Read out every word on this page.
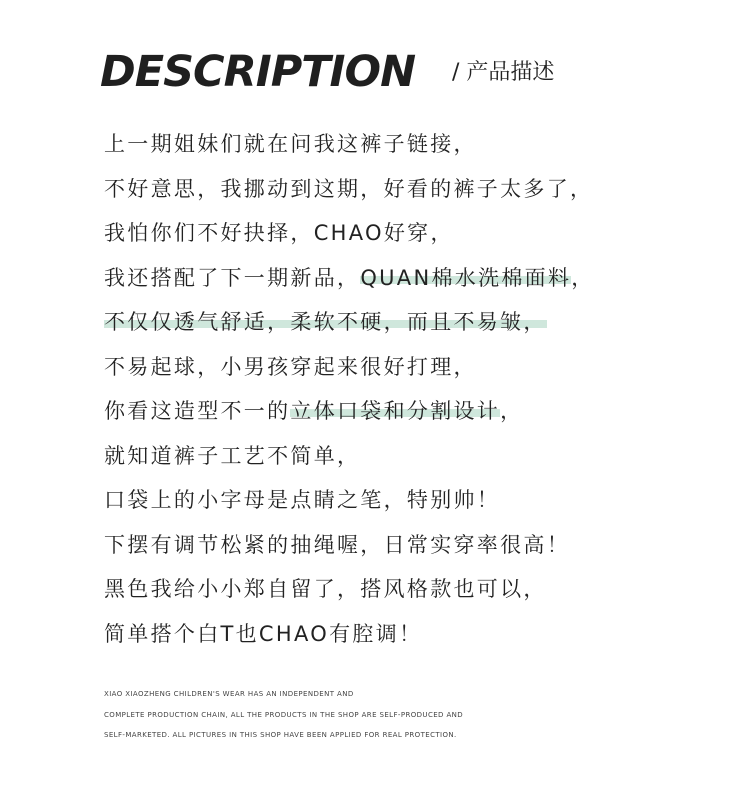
DESCRIPTION / 产品描述
上一期姐妹们就在问我这裤子链接，
不好意思，我挪动到这期，好看的裤子太多了，
我怕你们不好抉择，CHAO好穿，
我还搭配了下一期新品，QUAN棉水洗棉面料，
不仅仅透气舒适，柔软不硬，而且不易皱，
不易起球，小男孩穿起来很好打理，
你看这造型不一的立体口袋和分割设计，
就知道裤子工艺不简单，
口袋上的小字母是点睛之笔，特别帅！
下摆有调节松紧的抽绳喔，日常实穿率很高！
黑色我给小小郑自留了，搭风格款也可以，
简单搭个白T也CHAO有腔调！
XIAO XIAOZHENG CHILDREN'S WEAR HAS AN INDEPENDENT AND
COMPLETE PRODUCTION CHAIN, ALL THE PRODUCTS IN THE SHOP ARE SELF-PRODUCED AND
SELF-MARKETED. ALL PICTURES IN THIS SHOP HAVE BEEN APPLIED FOR REAL PROTECTION.
